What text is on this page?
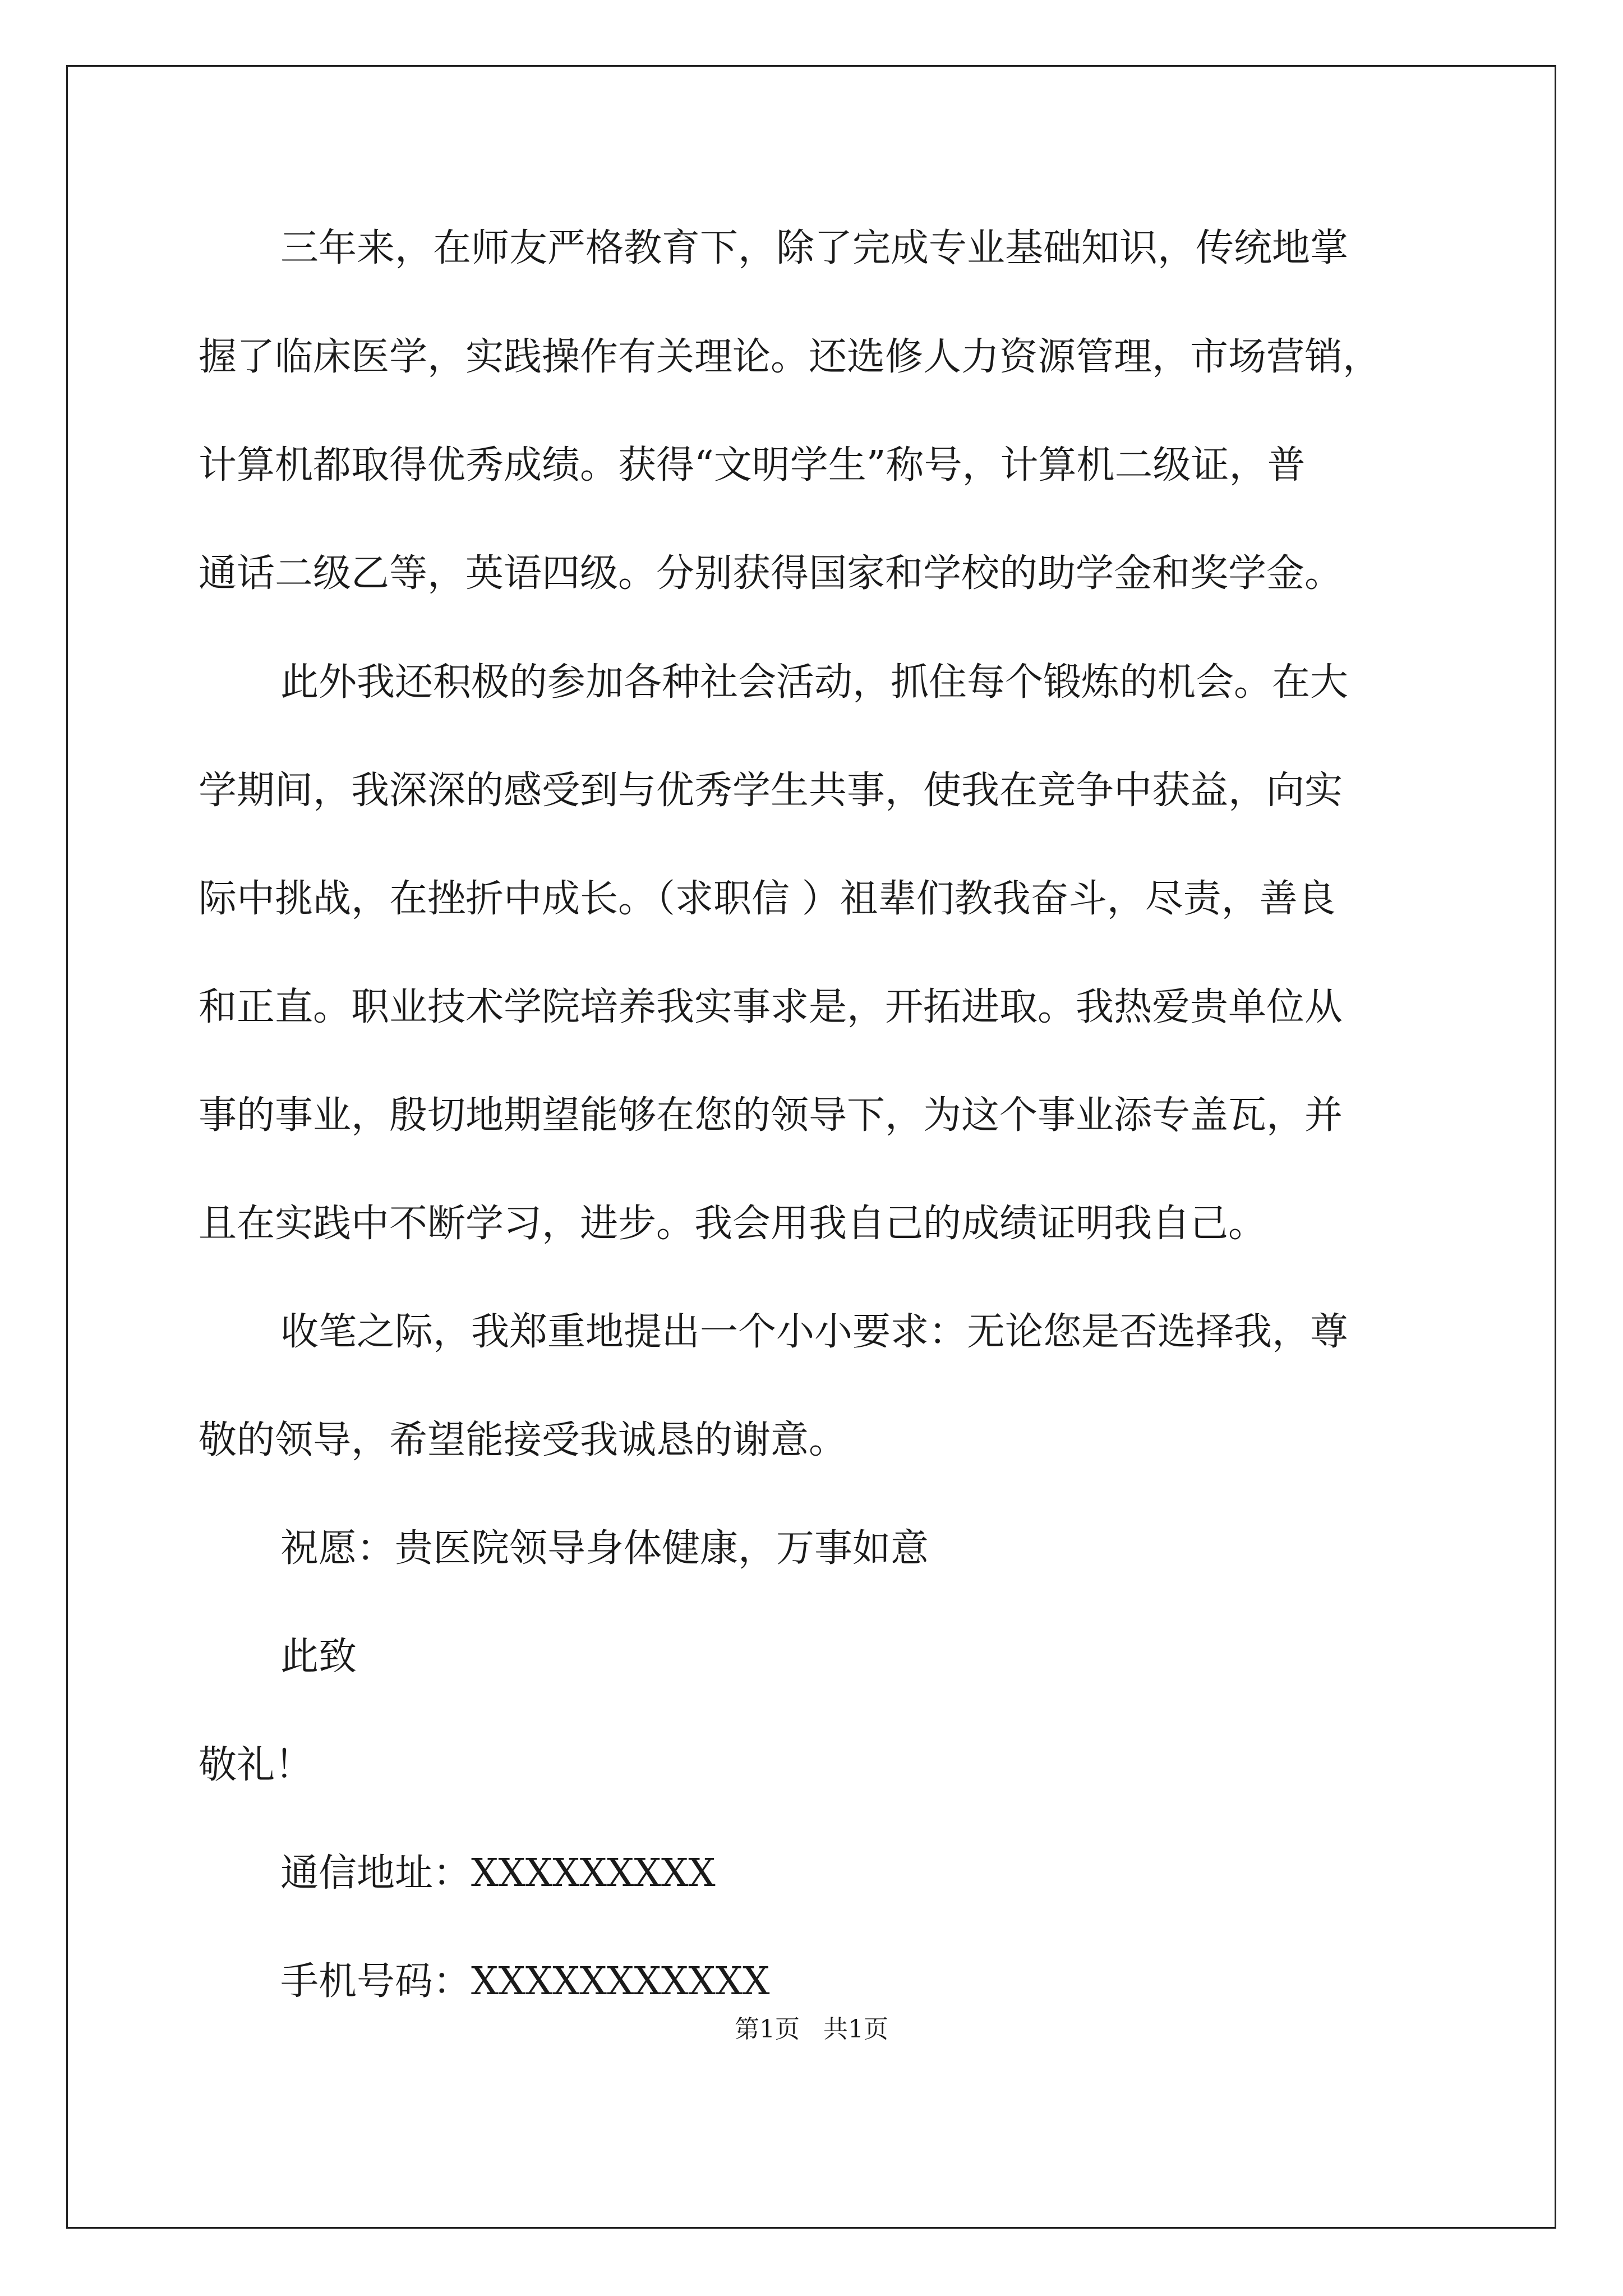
三年来，在师友严格教育下，除了完成专业基础知识，传统地掌
握了临床医学，实践操作有关理论。还选修人力资源管理，市场营销，
计算机都取得优秀成绩。获得“文明学生”称号，计算机二级证，普
通话二级乙等，英语四级。分别获得国家和学校的助学金和奖学金。
此外我还积极的参加各种社会活动，抓住每个锻炼的机会。在大
学期间，我深深的感受到与优秀学生共事，使我在竞争中获益，向实
际中挑战，在挫折中成长。（求职信 ）祖辈们教我奋斗，尽责，善良
和正直。职业技术学院培养我实事求是，开拓进取。我热爱贵单位从
事的事业，殷切地期望能够在您的领导下，为这个事业添专盖瓦，并
且在实践中不断学习，进步。我会用我自己的成绩证明我自己。
收笔之际，我郑重地提出一个小小要求：无论您是否选择我，尊
敬的领导，希望能接受我诚恳的谢意。
祝愿：贵医院领导身体健康，万事如意
此致
敬礼！
通信地址：XXXXXXXXX
手机号码：XXXXXXXXXXX
第1页   共1页
